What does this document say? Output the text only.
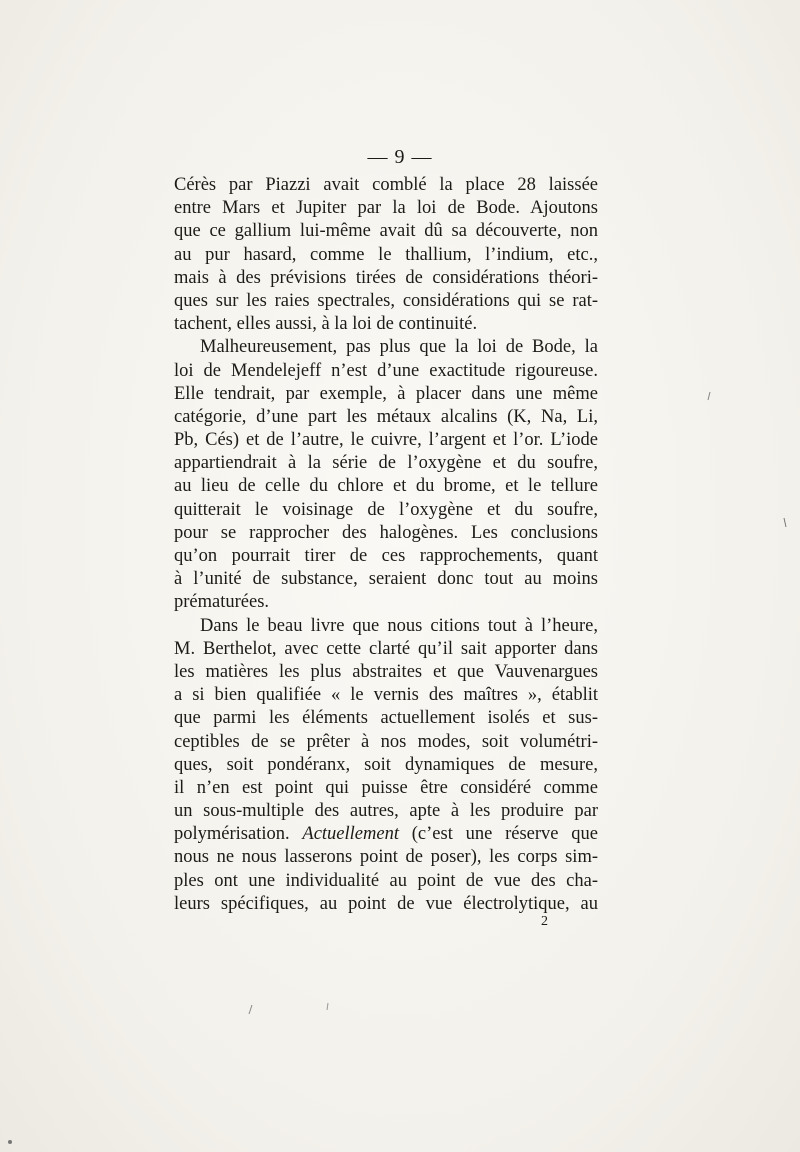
— 9 —
Cérès par Piazzi avait comblé la place 28 laissée
entre Mars et Jupiter par la loi de Bode. Ajoutons
que ce gallium lui-même avait dû sa découverte, non
au pur hasard, comme le thallium, l’indium, etc.,
mais à des prévisions tirées de considérations théori-
ques sur les raies spectrales, considérations qui se rat-
tachent, elles aussi, à la loi de continuité.
Malheureusement, pas plus que la loi de Bode, la
loi de Mendelejeff n’est d’une exactitude rigoureuse.
Elle tendrait, par exemple, à placer dans une même
catégorie, d’une part les métaux alcalins (K, Na, Li,
Pb, Cés) et de l’autre, le cuivre, l’argent et l’or. L’iode
appartiendrait à la série de l’oxygène et du soufre,
au lieu de celle du chlore et du brome, et le tellure
quitterait le voisinage de l’oxygène et du soufre,
pour se rapprocher des halogènes. Les conclusions
qu’on pourrait tirer de ces rapprochements, quant
à l’unité de substance, seraient donc tout au moins
prématurées.
Dans le beau livre que nous citions tout à l’heure,
M. Berthelot, avec cette clarté qu’il sait apporter dans
les matières les plus abstraites et que Vauvenargues
a si bien qualifiée « le vernis des maîtres », établit
que parmi les éléments actuellement isolés et sus-
ceptibles de se prêter à nos modes, soit volumétri-
ques, soit pondéranx, soit dynamiques de mesure,
il n’en est point qui puisse être considéré comme
un sous-multiple des autres, apte à les produire par
polymérisation. Actuellement (c’est une réserve que
nous ne nous lasserons point de poser), les corps sim-
ples ont une individualité au point de vue des cha-
leurs spécifiques, au point de vue électrolytique, au
2
